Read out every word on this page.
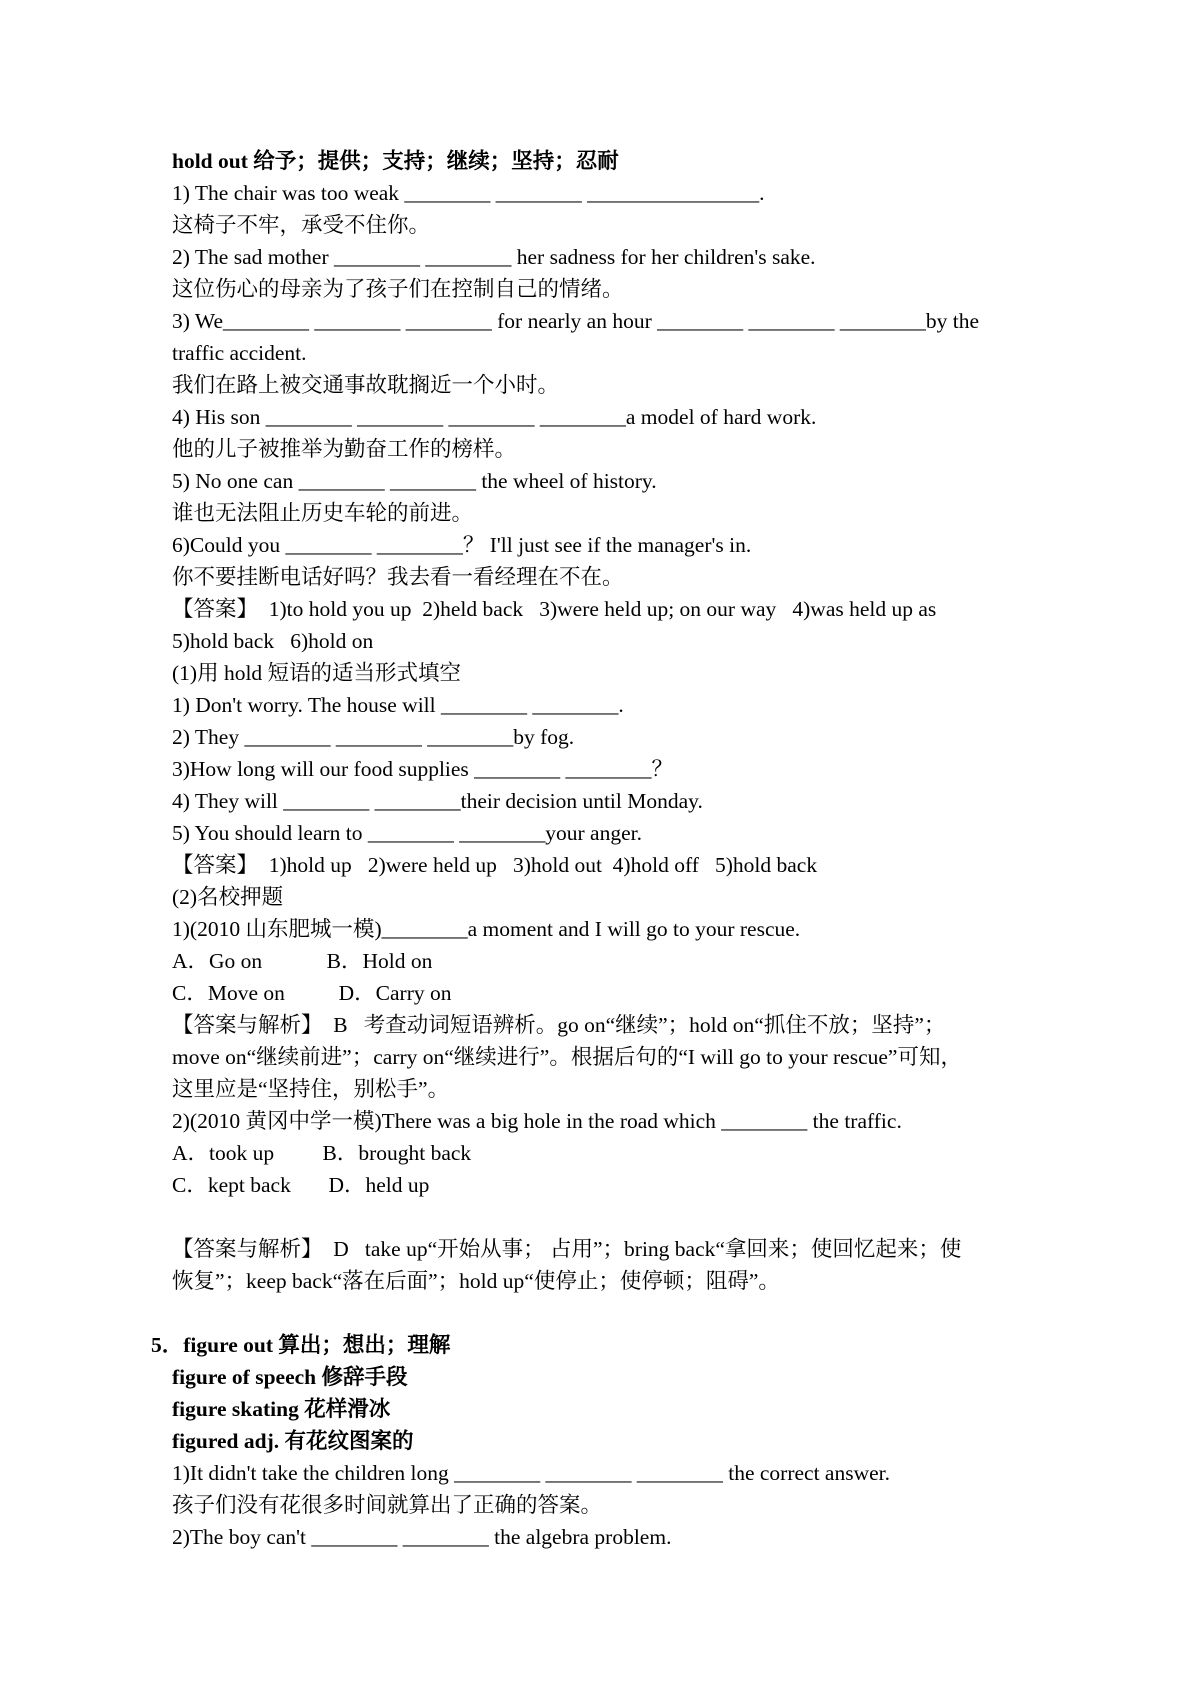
hold out 给予；提供；支持；继续；坚持；忍耐
1) The chair was too weak ________ ________ ________________.
这椅子不牢，承受不住你。
2) The sad mother ________ ________ her sadness for her children's sake.
这位伤心的母亲为了孩子们在控制自己的情绪。
3) We________ ________ ________ for nearly an hour ________ ________ ________by the
traffic accident.
我们在路上被交通事故耽搁近一个小时。
4) His son ________ ________ ________ ________a model of hard work.
他的儿子被推举为勤奋工作的榜样。
5) No one can ________ ________ the wheel of history.
谁也无法阻止历史车轮的前进。
6)Could you ________ ________？ I'll just see if the manager's in.
你不要挂断电话好吗？我去看一看经理在不在。
【答案】  1)to hold you up  2)held back   3)were held up; on our way   4)was held up as
5)hold back   6)hold on
(1)用 hold 短语的适当形式填空
1) Don't worry. The house will ________ ________.
2) They ________ ________ ________by fog.
3)How long will our food supplies ________ ________？
4) They will ________ ________their decision until Monday.
5) You should learn to ________ ________your anger.
【答案】  1)hold up   2)were held up   3)hold out  4)hold off   5)hold back
(2)名校押题
1)(2010 山东肥城一模)________a moment and I will go to your rescue.
A．Go on            B．Hold on
C．Move on          D．Carry on
【答案与解析】  B   考查动词短语辨析。go on“继续”；hold on“抓住不放；坚持”；
move on“继续前进”；carry on“继续进行”。根据后句的“I will go to your rescue”可知，
这里应是“坚持住，别松手”。
2)(2010 黄冈中学一模)There was a big hole in the road which ________ the traffic.
A．took up         B．brought back
C．kept back       D．held up
【答案与解析】  D   take up“开始从事； 占用”；bring back“拿回来；使回忆起来；使
恢复”；keep back“落在后面”；hold up“使停止；使停顿；阻碍”。
5．figure out 算出；想出；理解
figure of speech 修辞手段
figure skating 花样滑冰
figured adj. 有花纹图案的
1)It didn't take the children long ________ ________ ________ the correct answer.
孩子们没有花很多时间就算出了正确的答案。
2)The boy can't ________ ________ the algebra problem.
